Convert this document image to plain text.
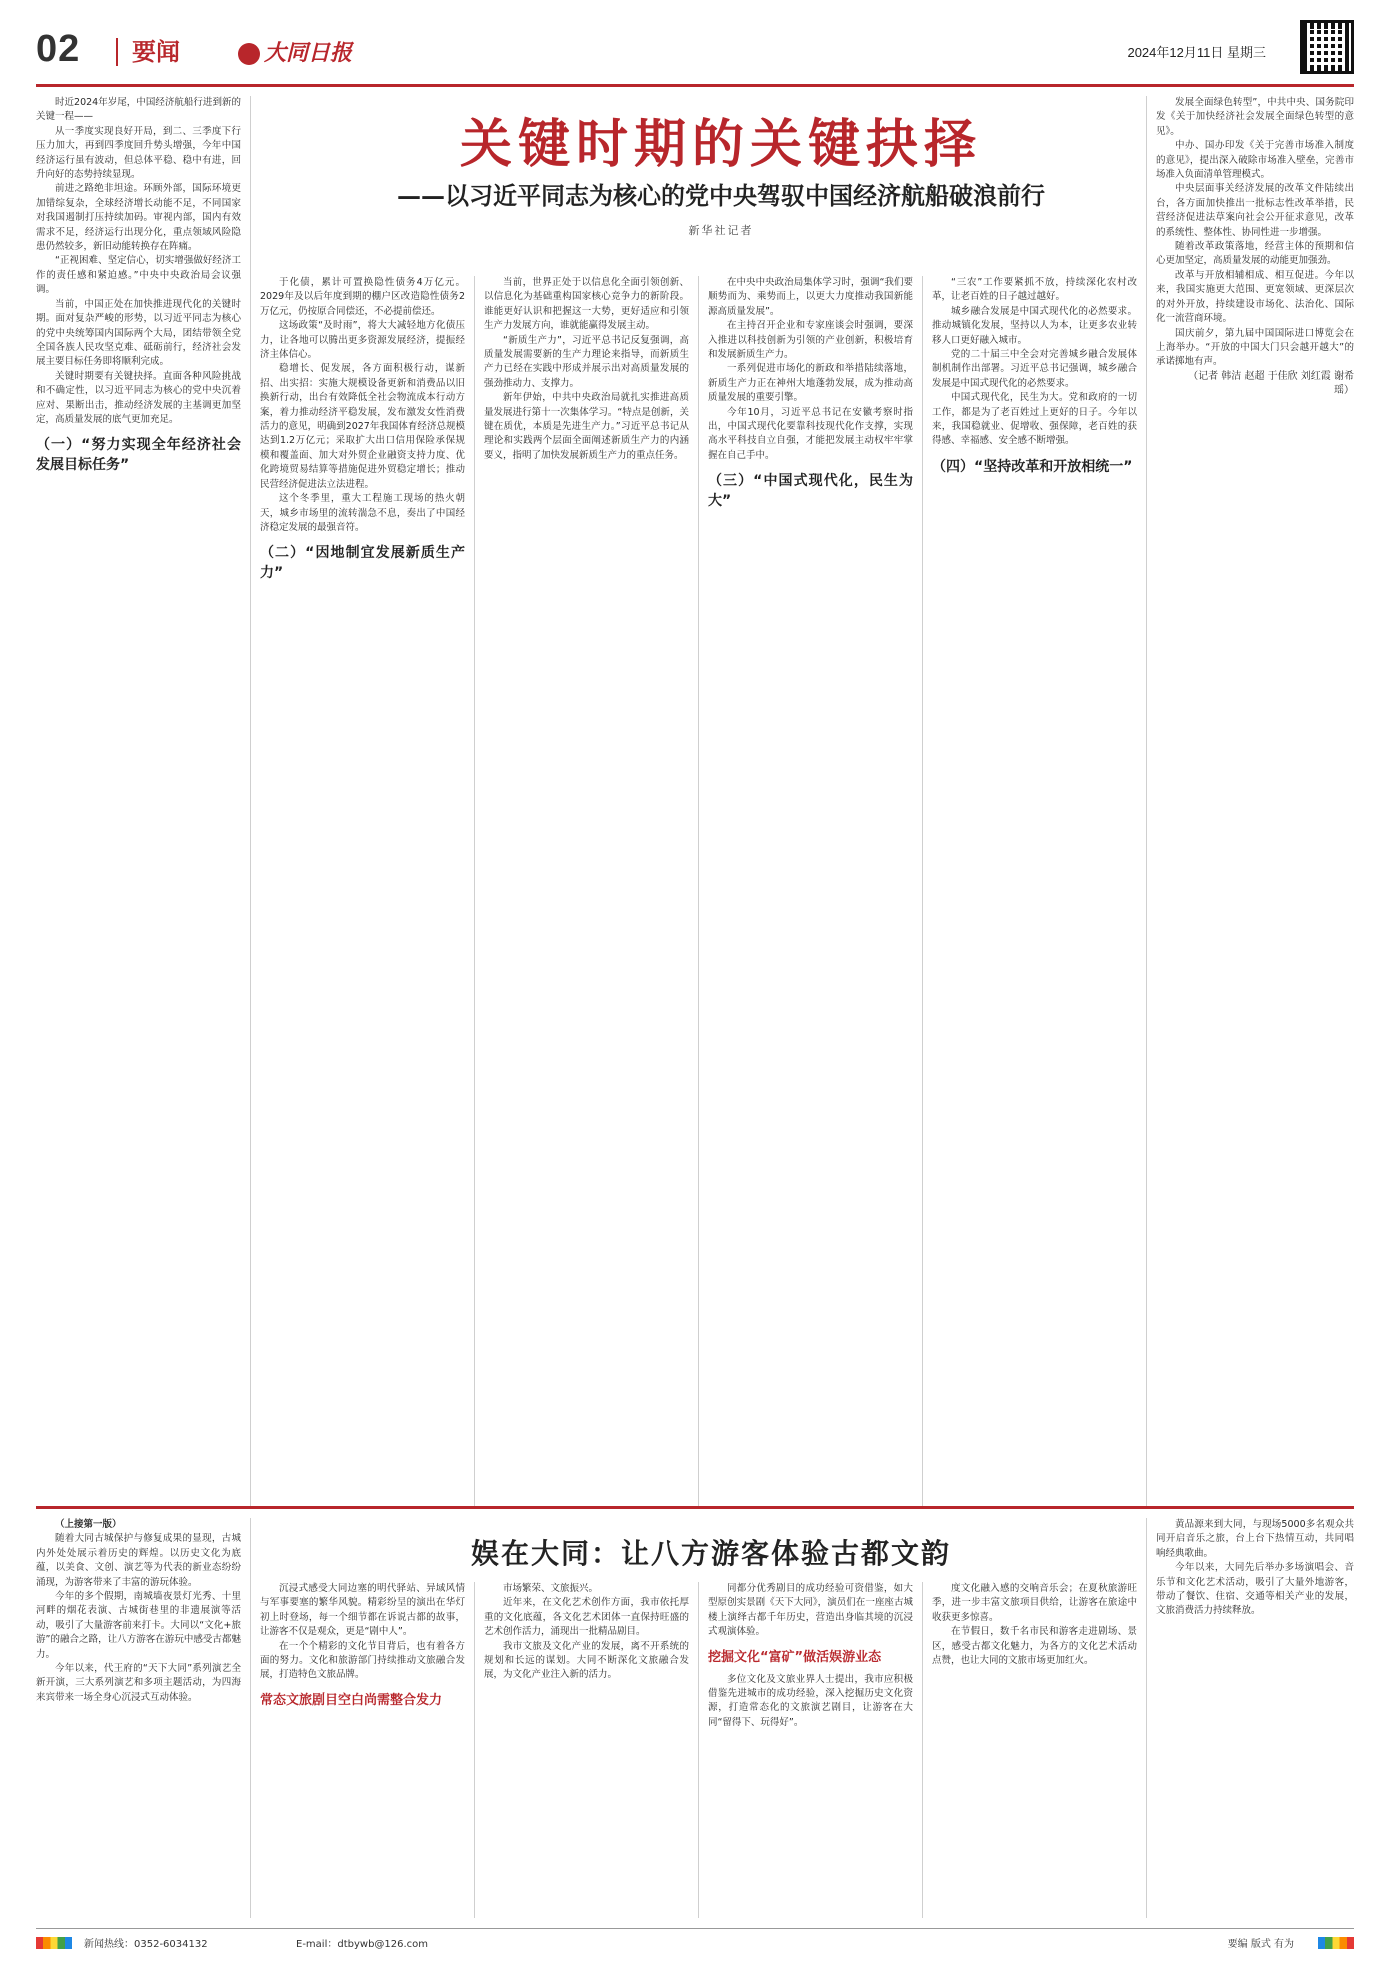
02	要闻	大同日报	2024年12月11日 星期三
关键时期的关键抉择
——以习近平同志为核心的党中央驾驭中国经济航船破浪前行
新华社记者

时近2024年岁尾，中国经济航船行进到新的关键一程——

从一季度实现良好开局，到二、三季度下行压力加大，再到四季度回升势头增强，今年中国经济运行虽有波动，但总体平稳、稳中有进，回升向好的态势持续显现。

前进之路绝非坦途。环顾外部，国际环境更加错综复杂，全球经济增长动能不足，不同国家对我国遏制打压持续加码。审视内部，国内有效需求不足，经济运行出现分化，重点领域风险隐患仍然较多，新旧动能转换存在阵痛。

“正视困难、坚定信心，切实增强做好经济工作的责任感和紧迫感。”中央中央政治局会议强调。

当前，中国正处在加快推进现代化的关键时期。面对复杂严峻的形势，以习近平同志为核心的党中央统筹国内国际两个大局，团结带领全党全国各族人民攻坚克难、砥砺前行，经济社会发展主要目标任务即将顺利完成。

关键时期要有关键抉择。直面各种风险挑战和不确定性，以习近平同志为核心的党中央沉着应对、果断出击，推动经济发展的主基调更加坚定，高质量发展的底气更加充足。

（一）“努力实现全年经济社会发展目标任务”

于化债，累计可置换隐性债务4万亿元。2029年及以后年度到期的棚户区改造隐性债务2万亿元，仍按原合同偿还，不必提前偿还。

这场政策“及时雨”，将大大减轻地方化债压力，让各地可以腾出更多资源发展经济，提振经济主体信心。

稳增长、促发展，各方面积极行动，谋新招、出实招：实施大规模设备更新和消费品以旧换新行动，出台有效降低全社会物流成本行动方案，着力推动经济平稳发展，发布激发女性消费活力的意见，明确到2027年我国体育经济总规模达到1.2万亿元；采取扩大出口信用保险承保规模和覆盖面、加大对外贸企业融资支持力度、优化跨境贸易结算等措施促进外贸稳定增长；推动民营经济促进法立法进程。

这个冬季里，重大工程施工现场的热火朝天，城乡市场里的流转湍急不息，奏出了中国经济稳定发展的最强音符。

（二）“因地制宜发展新质生产力”

当前，世界正处于以信息化全面引领创新、以信息化为基础重构国家核心竞争力的新阶段。谁能更好认识和把握这一大势，更好适应和引领生产力发展方向，谁就能赢得发展主动。

“新质生产力”，习近平总书记反复强调，高质量发展需要新的生产力理论来指导，而新质生产力已经在实践中形成并展示出对高质量发展的强劲推动力、支撑力。

新年伊始，中共中央政治局就扎实推进高质量发展进行第十一次集体学习。“特点是创新，关键在质优，本质是先进生产力。”习近平总书记从理论和实践两个层面全面阐述新质生产力的内涵要义，指明了加快发展新质生产力的重点任务。

在中央中央政治局集体学习时，强调“我们要顺势而为、乘势而上，以更大力度推动我国新能源高质量发展”。

在主持召开企业和专家座谈会时强调，要深入推进以科技创新为引领的产业创新，积极培育和发展新质生产力。

一系列促进市场化的新政和举措陆续落地，新质生产力正在神州大地蓬勃发展，成为推动高质量发展的重要引擎。

今年10月，习近平总书记在安徽考察时指出，中国式现代化要靠科技现代化作支撑，实现高水平科技自立自强，才能把发展主动权牢牢掌握在自己手中。

（三）“中国式现代化，民生为大”

“三农”工作要紧抓不放，持续深化农村改革，让老百姓的日子越过越好。

城乡融合发展是中国式现代化的必然要求。推动城镇化发展，坚持以人为本，让更多农业转移人口更好融入城市。

党的二十届三中全会对完善城乡融合发展体制机制作出部署。习近平总书记强调，城乡融合发展是中国式现代化的必然要求。

中国式现代化，民生为大。党和政府的一切工作，都是为了老百姓过上更好的日子。今年以来，我国稳就业、促增收、强保障，老百姓的获得感、幸福感、安全感不断增强。

（四）“坚持改革和开放相统一”

发展全面绿色转型”，中共中央、国务院印发《关于加快经济社会发展全面绿色转型的意见》。

中办、国办印发《关于完善市场准入制度的意见》，提出深入破除市场准入壁垒，完善市场准入负面清单管理模式。

中央层面事关经济发展的改革文件陆续出台，各方面加快推出一批标志性改革举措，民营经济促进法草案向社会公开征求意见，改革的系统性、整体性、协同性进一步增强。

随着改革政策落地，经营主体的预期和信心更加坚定，高质量发展的动能更加强劲。

改革与开放相辅相成、相互促进。今年以来，我国实施更大范围、更宽领域、更深层次的对外开放，持续建设市场化、法治化、国际化一流营商环境。

国庆前夕，第九届中国国际进口博览会在上海举办。“开放的中国大门只会越开越大”的承诺掷地有声。

（记者 韩洁 赵超 于佳欣 刘红霞 谢希瑶）

娱在大同：让八方游客体验古都文韵

（上接第一版）

随着大同古城保护与修复成果的显现，古城内外处处展示着历史的辉煌。以历史文化为底蕴，以美食、文创、演艺等为代表的新业态纷纷涌现，为游客带来了丰富的游玩体验。

今年的多个假期，南城墙夜景灯光秀、十里河畔的烟花表演、古城街巷里的非遗展演等活动，吸引了大量游客前来打卡。大同以“文化+旅游”的融合之路，让八方游客在游玩中感受古都魅力。

今年以来，代王府的“天下大同”系列演艺全新开演，三大系列演艺和多项主题活动，为四海来宾带来一场全身心沉浸式互动体验。

沉浸式感受大同边塞的明代驿站、异域风情与军事要塞的繁华风貌。精彩纷呈的演出在华灯初上时登场，每一个细节都在诉说古都的故事，让游客不仅是观众，更是“剧中人”。

在一个个精彩的文化节目背后，也有着各方面的努力。文化和旅游部门持续推动文旅融合发展，打造特色文旅品牌。

常态文旅剧目空白尚需整合发力

市场繁荣、文旅振兴。

近年来，在文化艺术创作方面，我市依托厚重的文化底蕴，各文化艺术团体一直保持旺盛的艺术创作活力，涌现出一批精品剧目。

我市文旅及文化产业的发展，离不开系统的规划和长远的谋划。大同不断深化文旅融合发展，为文化产业注入新的活力。

同都分优秀剧目的成功经验可资借鉴，如大型原创实景剧《天下大同》，演员们在一座座古城楼上演绎古都千年历史，营造出身临其境的沉浸式观演体验。

挖掘文化“富矿”做活娱游业态

多位文化及文旅业界人士提出，我市应积极借鉴先进城市的成功经验，深入挖掘历史文化资源，打造常态化的文旅演艺剧目，让游客在大同“留得下、玩得好”。

度文化融入感的交响音乐会；在夏秋旅游旺季，进一步丰富文旅项目供给，让游客在旅途中收获更多惊喜。

在节假日，数千名市民和游客走进剧场、景区，感受古都文化魅力，为各方的文化艺术活动点赞，也让大同的文旅市场更加红火。

黄品源来到大同，与现场5000多名观众共同开启音乐之旅，台上台下热情互动，共同唱响经典歌曲。

今年以来，大同先后举办多场演唱会、音乐节和文化艺术活动，吸引了大量外地游客，带动了餐饮、住宿、交通等相关产业的发展，文旅消费活力持续释放。

新闻热线：0352-6034132	E-mail：dtbywb@126.com	要编 版式 有为
